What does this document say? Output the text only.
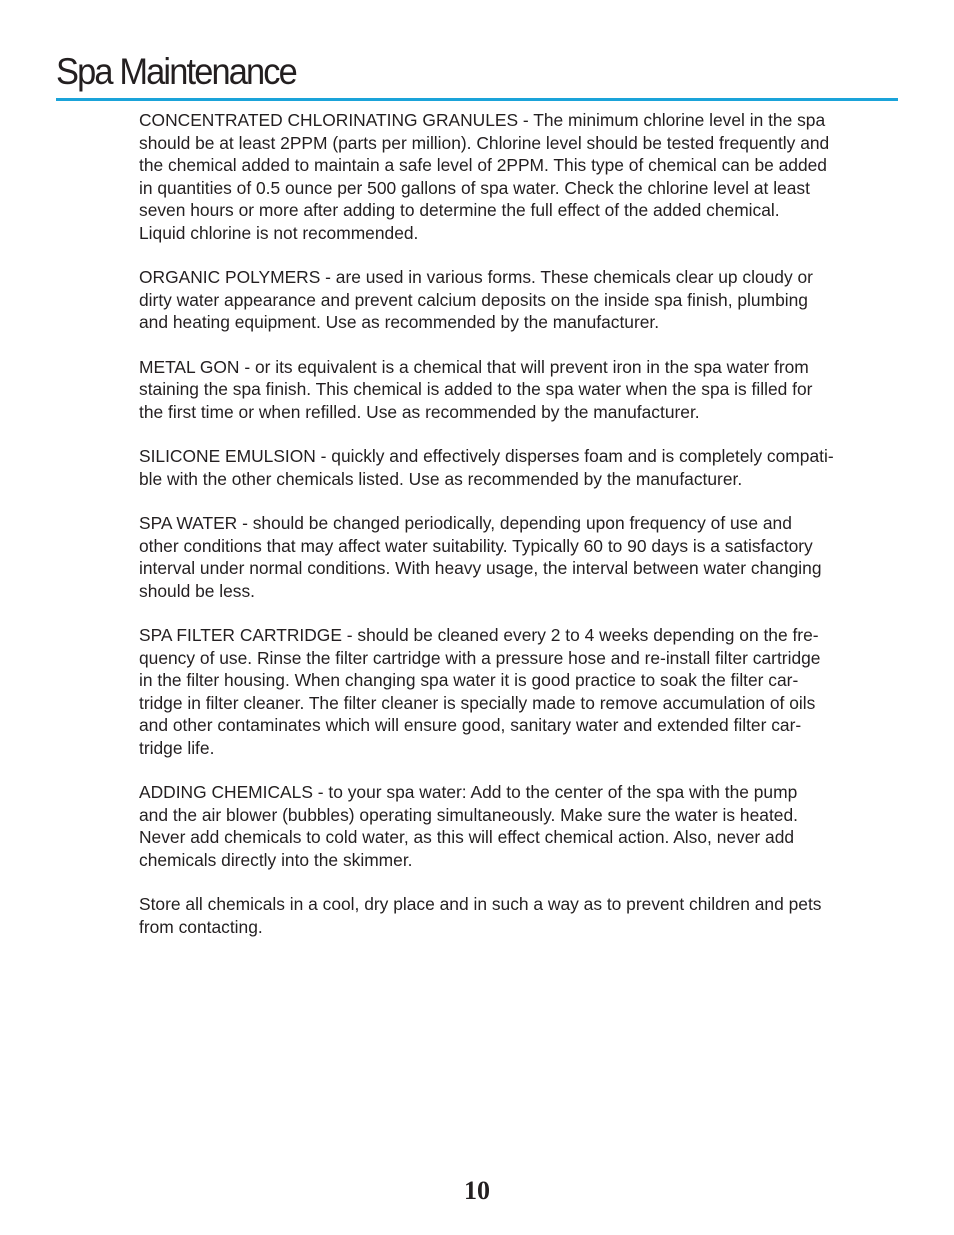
Spa Maintenance

CONCENTRATED CHLORINATING GRANULES - The minimum chlorine level in the spa
should be at least 2PPM (parts per million). Chlorine level should be tested frequently and
the chemical added to maintain a safe level of 2PPM. This type of chemical can be added
in quantities of 0.5 ounce per 500 gallons of spa water. Check the chlorine level at least
seven hours or more after adding to determine the full effect of the added chemical.
Liquid chlorine is not recommended.

ORGANIC POLYMERS - are used in various forms. These chemicals clear up cloudy or
dirty water appearance and prevent calcium deposits on the inside spa finish, plumbing
and heating equipment. Use as recommended by the manufacturer.

METAL GON - or its equivalent is a chemical that will prevent iron in the spa water from
staining the spa finish. This chemical is added to the spa water when the spa is filled for
the first time or when refilled. Use as recommended by the manufacturer.

SILICONE EMULSION - quickly and effectively disperses foam and is completely compati-
ble with the other chemicals listed. Use as recommended by the manufacturer.

SPA WATER - should be changed periodically, depending upon frequency of use and
other conditions that may affect water suitability. Typically 60 to 90 days is a satisfactory
interval under normal conditions. With heavy usage, the interval between water changing
should be less.

SPA FILTER CARTRIDGE - should be cleaned every 2 to 4 weeks depending on the fre-
quency of use. Rinse the filter cartridge with a pressure hose and re-install filter cartridge
in the filter housing. When changing spa water it is good practice to soak the filter car-
tridge in filter cleaner. The filter cleaner is specially made to remove accumulation of oils
and other contaminates which will ensure good, sanitary water and extended filter car-
tridge life.

ADDING CHEMICALS - to your spa water: Add to the center of the spa with the pump
and the air blower (bubbles) operating simultaneously. Make sure the water is heated.
Never add chemicals to cold water, as this will effect chemical action. Also, never add
chemicals directly into the skimmer.

Store all chemicals in a cool, dry place and in such a way as to prevent children and pets
from contacting.

10
